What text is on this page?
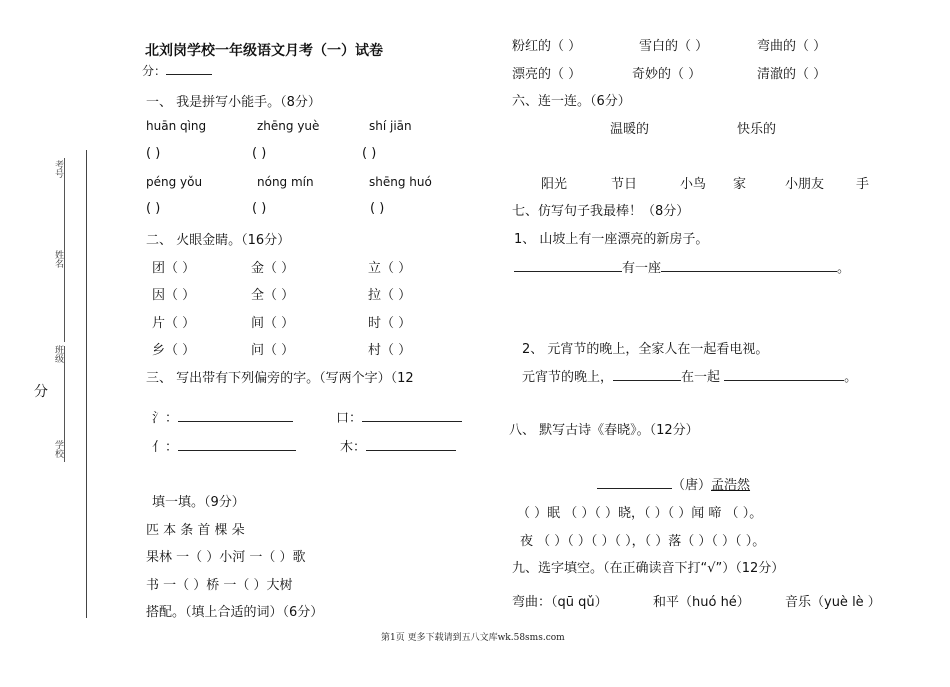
考号
姓名
班级
学校
分
北刘岗学校一年级语文月考（一）试卷
分：
一、 我是拼写小能手。（8分）
huān qìng	zhēng yuè	shí jiān
( )	( )	( )
péng yǒu	nóng mín	shēng huó
( )	( )	( )
二、 火眼金睛。（16分）
团（ ）	金（ ）	立（ ）
因（ ）	全（ ）	拉（ ）
片（ ）	间（ ）	时（ ）
乡（ ）	问（ ）	村（ ）
三、 写出带有下列偏旁的字。（写两个字）（12
氵：	口：
亻：	木：
填一填。（9分）
匹 本 条 首 棵 朵
果林 一（ ）小河 一（ ）歌
书 一（ ）桥 一（ ）大树
搭配。（填上合适的词）（6分）
粉红的（ ）	雪白的（ ）	弯曲的（ ）
漂亮的（ ）	奇妙的（ ）	清澈的（ ）
六、连一连。（6分）
温暖的	快乐的
阳光	节日	小鸟 家	小朋友 手
七、仿写句子我最棒！（8分）
1、 山坡上有一座漂亮的新房子。
有一座	。
2、 元宵节的晚上，全家人在一起看电视。
元宵节的晚上，	在一起	。
八、 默写古诗《春晓》。（12分）
（唐）孟浩然
（ ）眠 （ ）（ ）晓，（ ）（ ）闻 啼 （ ）。
夜 （ ）（ ）（ ）（ ），（ ）落（ ）（ ）（ ）。
九、选字填空。（在正确读音下打“√”）（12分）
弯曲：（qū qǔ）	和平（huó hé）	音乐（yuè lè ）
第1页 更多下载请到五八文库wk.58sms.com
